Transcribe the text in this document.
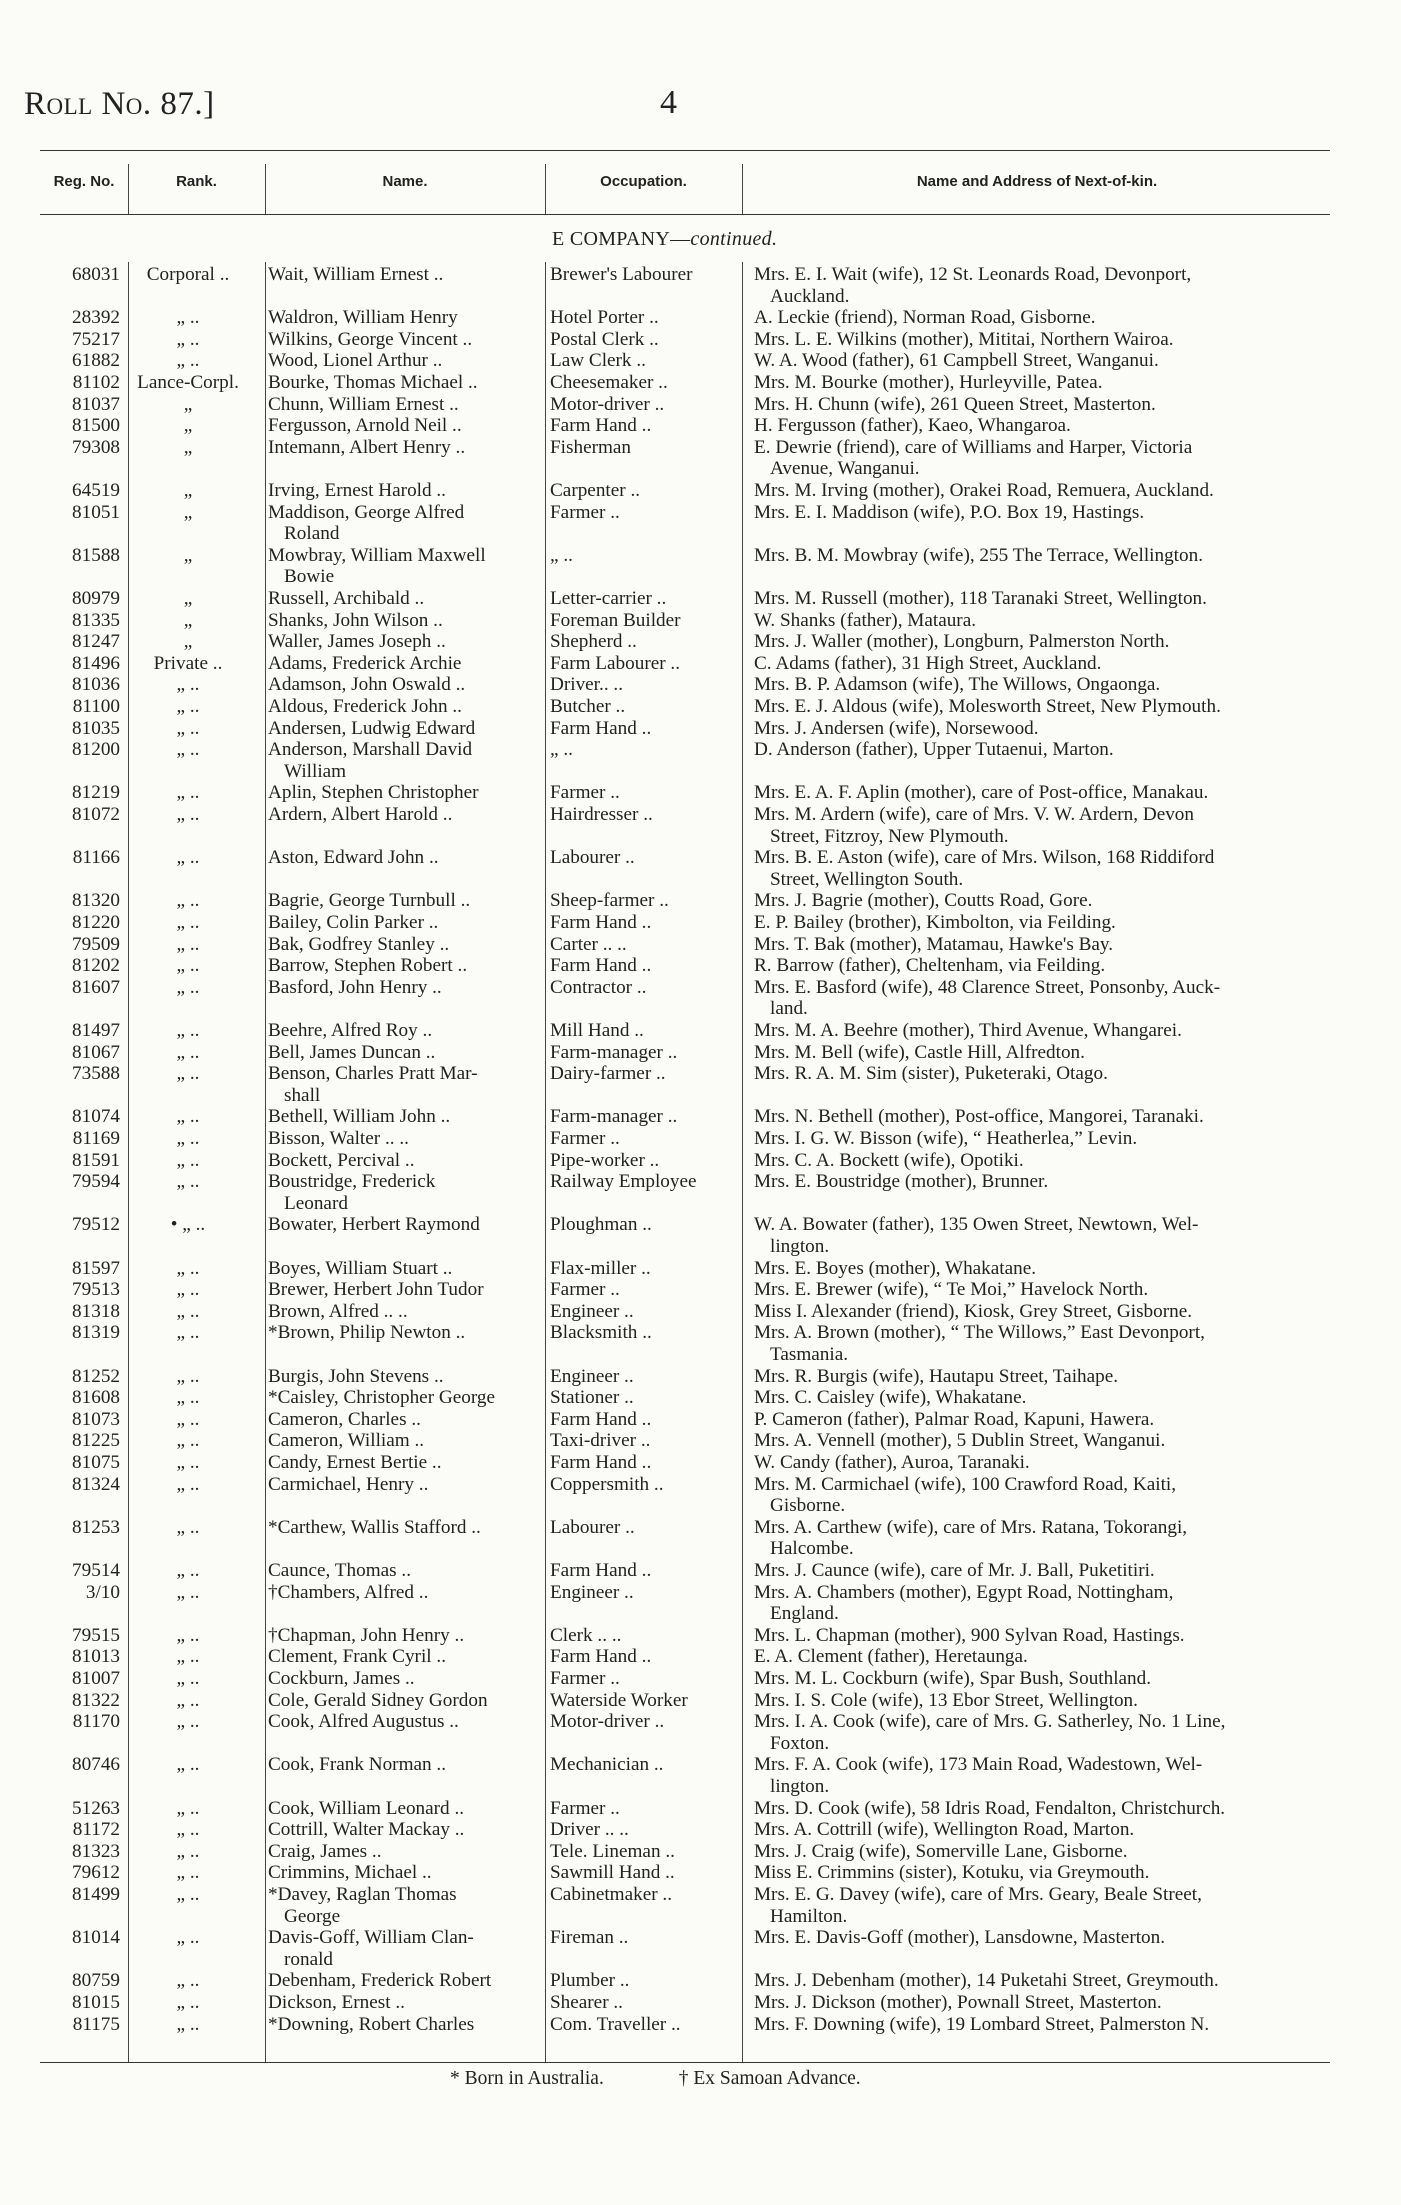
Roll No. 87.]	4
Reg. No.	Rank.	Name.	Occupation.	Name and Address of Next-of-kin.
E COMPANY—continued.
68031	Corporal ..	Wait, William Ernest ..	Brewer's Labourer	Mrs. E. I. Wait (wife), 12 St. Leonards Road, Devonport,
Auckland.
28392	„ ..	Waldron, William Henry	Hotel Porter ..	A. Leckie (friend), Norman Road, Gisborne.
75217	„ ..	Wilkins, George Vincent ..	Postal Clerk ..	Mrs. L. E. Wilkins (mother), Mititai, Northern Wairoa.
61882	„ ..	Wood, Lionel Arthur ..	Law Clerk ..	W. A. Wood (father), 61 Campbell Street, Wanganui.
81102 Lance-Corpl.	Bourke, Thomas Michael ..	Cheesemaker ..	Mrs. M. Bourke (mother), Hurleyville, Patea.
81037	„	Chunn, William Ernest ..	Motor-driver ..	Mrs. H. Chunn (wife), 261 Queen Street, Masterton.
81500	„	Fergusson, Arnold Neil ..	Farm Hand ..	H. Fergusson (father), Kaeo, Whangaroa.
79308	„	Intemann, Albert Henry ..	Fisherman	E. Dewrie (friend), care of Williams and Harper, Victoria
Avenue, Wanganui.
64519	„	Irving, Ernest Harold ..	Carpenter ..	Mrs. M. Irving (mother), Orakei Road, Remuera, Auckland.
81051	„	Maddison, George Alfred
Roland
Farmer ..	Mrs. E. I. Maddison (wife), P.O. Box 19, Hastings.
81588	„	Mowbray, William Maxwell
Bowie
„ ..	Mrs. B. M. Mowbray (wife), 255 The Terrace, Wellington.
80979	„	Russell, Archibald ..	Letter-carrier ..	Mrs. M. Russell (mother), 118 Taranaki Street, Wellington.
81335	„	Shanks, John Wilson ..	Foreman Builder	W. Shanks (father), Mataura.
81247	„	Waller, James Joseph ..	Shepherd ..	Mrs. J. Waller (mother), Longburn, Palmerston North.
81496	Private ..	Adams, Frederick Archie	Farm Labourer ..	C. Adams (father), 31 High Street, Auckland.
81036	„ ..	Adamson, John Oswald ..	Driver.. ..	Mrs. B. P. Adamson (wife), The Willows, Ongaonga.
81100	„ ..	Aldous, Frederick John ..	Butcher ..	Mrs. E. J. Aldous (wife), Molesworth Street, New Plymouth.
81035	„ ..	Andersen, Ludwig Edward	Farm Hand ..	Mrs. J. Andersen (wife), Norsewood.
81200	„ ..	Anderson, Marshall David
William
„ ..	D. Anderson (father), Upper Tutaenui, Marton.
81219	„ ..	Aplin, Stephen Christopher	Farmer ..	Mrs. E. A. F. Aplin (mother), care of Post-office, Manakau.
81072	„ ..	Ardern, Albert Harold ..	Hairdresser ..	Mrs. M. Ardern (wife), care of Mrs. V. W. Ardern, Devon
Street, Fitzroy, New Plymouth.
81166	„ ..	Aston, Edward John ..	Labourer ..	Mrs. B. E. Aston (wife), care of Mrs. Wilson, 168 Riddiford
Street, Wellington South.
81320	„ ..	Bagrie, George Turnbull ..	Sheep-farmer ..	Mrs. J. Bagrie (mother), Coutts Road, Gore.
81220	„ ..	Bailey, Colin Parker ..	Farm Hand ..	E. P. Bailey (brother), Kimbolton, via Feilding.
79509	„ ..	Bak, Godfrey Stanley ..	Carter .. ..	Mrs. T. Bak (mother), Matamau, Hawke's Bay.
81202	„ ..	Barrow, Stephen Robert ..	Farm Hand ..	R. Barrow (father), Cheltenham, via Feilding.
81607	„ ..	Basford, John Henry ..	Contractor ..	Mrs. E. Basford (wife), 48 Clarence Street, Ponsonby, Auck-
land.
81497	„ ..	Beehre, Alfred Roy ..	Mill Hand ..	Mrs. M. A. Beehre (mother), Third Avenue, Whangarei.
81067	„ ..	Bell, James Duncan ..	Farm-manager ..	Mrs. M. Bell (wife), Castle Hill, Alfredton.
73588	„ ..	Benson, Charles Pratt Mar-
shall
Dairy-farmer ..	Mrs. R. A. M. Sim (sister), Puketeraki, Otago.
81074	„ ..	Bethell, William John ..	Farm-manager ..	Mrs. N. Bethell (mother), Post-office, Mangorei, Taranaki.
81169	„ ..	Bisson, Walter .. ..	Farmer ..	Mrs. I. G. W. Bisson (wife), “ Heatherlea,” Levin.
81591	„ ..	Bockett, Percival ..	Pipe-worker ..	Mrs. C. A. Bockett (wife), Opotiki.
79594	„ ..	Boustridge, Frederick
Leonard
Railway Employee	Mrs. E. Boustridge (mother), Brunner.
79512	• „ ..	Bowater, Herbert Raymond	Ploughman ..	W. A. Bowater (father), 135 Owen Street, Newtown, Wel-
lington.
81597	„ ..	Boyes, William Stuart ..	Flax-miller ..	Mrs. E. Boyes (mother), Whakatane.
79513	„ ..	Brewer, Herbert John Tudor	Farmer ..	Mrs. E. Brewer (wife), “ Te Moi,” Havelock North.
81318	„ ..	Brown, Alfred .. ..	Engineer ..	Miss I. Alexander (friend), Kiosk, Grey Street, Gisborne.
81319	„ ..	*Brown, Philip Newton ..	Blacksmith ..	Mrs. A. Brown (mother), “ The Willows,” East Devonport,
Tasmania.
81252	„ ..	Burgis, John Stevens ..	Engineer ..	Mrs. R. Burgis (wife), Hautapu Street, Taihape.
81608	„ ..	*Caisley, Christopher George	Stationer ..	Mrs. C. Caisley (wife), Whakatane.
81073	„ ..	Cameron, Charles ..	Farm Hand ..	P. Cameron (father), Palmar Road, Kapuni, Hawera.
81225	„ ..	Cameron, William ..	Taxi-driver ..	Mrs. A. Vennell (mother), 5 Dublin Street, Wanganui.
81075	„ ..	Candy, Ernest Bertie ..	Farm Hand ..	W. Candy (father), Auroa, Taranaki.
81324	„ ..	Carmichael, Henry ..	Coppersmith ..	Mrs. M. Carmichael (wife), 100 Crawford Road, Kaiti,
Gisborne.
81253	„ ..	*Carthew, Wallis Stafford ..	Labourer ..	Mrs. A. Carthew (wife), care of Mrs. Ratana, Tokorangi,
Halcombe.
79514	„ ..	Caunce, Thomas ..	Farm Hand ..	Mrs. J. Caunce (wife), care of Mr. J. Ball, Puketitiri.
3/10	„ ..	†Chambers, Alfred ..	Engineer ..	Mrs. A. Chambers (mother), Egypt Road, Nottingham,
England.
79515	„ ..	†Chapman, John Henry ..	Clerk .. ..	Mrs. L. Chapman (mother), 900 Sylvan Road, Hastings.
81013	„ ..	Clement, Frank Cyril ..	Farm Hand ..	E. A. Clement (father), Heretaunga.
81007	„ ..	Cockburn, James ..	Farmer ..	Mrs. M. L. Cockburn (wife), Spar Bush, Southland.
81322	„ ..	Cole, Gerald Sidney Gordon	Waterside Worker	Mrs. I. S. Cole (wife), 13 Ebor Street, Wellington.
81170	„ ..	Cook, Alfred Augustus ..	Motor-driver ..	Mrs. I. A. Cook (wife), care of Mrs. G. Satherley, No. 1 Line,
Foxton.
80746	„ ..	Cook, Frank Norman ..	Mechanician ..	Mrs. F. A. Cook (wife), 173 Main Road, Wadestown, Wel-
lington.
51263	„ ..	Cook, William Leonard ..	Farmer ..	Mrs. D. Cook (wife), 58 Idris Road, Fendalton, Christchurch.
81172	„ ..	Cottrill, Walter Mackay ..	Driver .. ..	Mrs. A. Cottrill (wife), Wellington Road, Marton.
81323	„ ..	Craig, James ..	Tele. Lineman ..	Mrs. J. Craig (wife), Somerville Lane, Gisborne.
79612	„ ..	Crimmins, Michael ..	Sawmill Hand ..	Miss E. Crimmins (sister), Kotuku, via Greymouth.
81499	„ ..	*Davey, Raglan Thomas
George
Cabinetmaker ..	Mrs. E. G. Davey (wife), care of Mrs. Geary, Beale Street,
Hamilton.
81014	„ ..	Davis-Goff, William Clan-
ronald
Fireman ..	Mrs. E. Davis-Goff (mother), Lansdowne, Masterton.
80759	„ ..	Debenham, Frederick Robert	Plumber ..	Mrs. J. Debenham (mother), 14 Puketahi Street, Greymouth.
81015	„ ..	Dickson, Ernest ..	Shearer ..	Mrs. J. Dickson (mother), Pownall Street, Masterton.
81175	„ ..	*Downing, Robert Charles	Com. Traveller ..	Mrs. F. Downing (wife), 19 Lombard Street, Palmerston N.
* Born in Australia.	† Ex Samoan Advance.
